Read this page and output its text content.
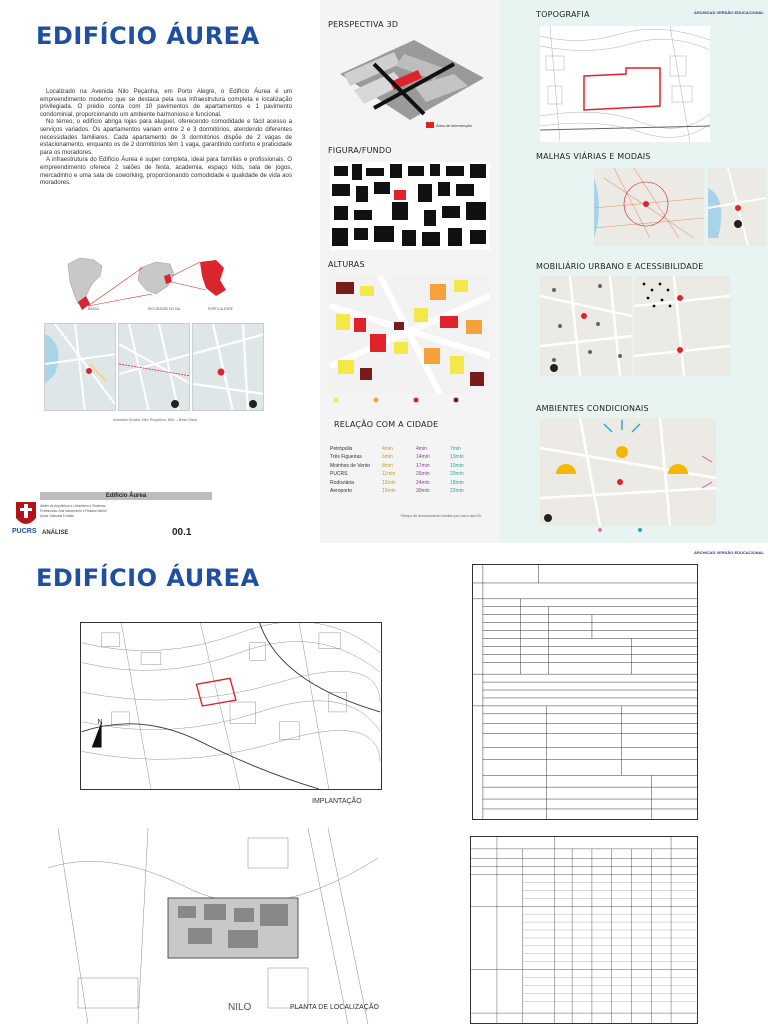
EDIFÍCIO ÁUREA

Localizado na Avenida Nilo Peçanha, em Porto Alegre, o Edifício Áurea é um empreendimento moderno que se destaca pela sua infraestrutura completa e localização privilegiada. O prédio conta com 10 pavimentos de apartamentos e 1 pavimento condominial, proporcionando um ambiente harmonioso e funcional.

No térreo, o edifício abriga lojas para aluguel, oferecendo comodidade e fácil acesso a serviços variados. Os apartamentos variam entre 2 e 3 dormitórios, atendendo diferentes necessidades familiares. Cada apartamento de 3 dormitórios dispõe de 2 vagas de estacionamento, enquanto os de 2 dormitórios têm 1 vaga, garantindo conforto e praticidade para os moradores.

A infraestrutura do Edifício Áurea é super completa, ideal para famílias e profissionais. O empreendimento oferece 2 salões de festa, academia, espaço kids, sala de jogos, mercadinho e uma sala de coworking, proporcionando comodidade e qualidade de vida aos moradores.

BRASIL	RIO GRANDE DO SUL	PORTO ALEGRE
Avenida Doutor Nilo Peçanha, 690 – Bela Vista
PUCRS
Edifício Áurea
Atelier de Arquitetura e Urbanismo e Sistemas
Professoras: Ana Nascimento e Rosana Sartori
Aluna: Manuela Furtado
ANÁLISE	00.1
PERSPECTIVA 3D
Área de intervenção
FIGURA/FUNDO
ALTURAS
RELAÇÃO COM A CIDADE
Petrópolis	4min	4min	7min
Três Figueiras	6min	14min	13min
Moinhos de Vento 8min	17min	10min
PUCRS	11min	26min	20min
Rodoviária	12min	24min	18min
Aeroporto	10min	30min	22min
*Tempo de deslocamento medido por carro das FA.
ARCHICAD VERSÃO EDUCACIONAL
TOPOGRAFIA
MALHAS VIÁRIAS E MODAIS
MOBILIÁRIO URBANO E ACESSIBILIDADE
AMBIENTES CONDICIONAIS
EDIFÍCIO ÁUREA
ARCHICAD VERSÃO EDUCACIONAL
N
IMPLANTAÇÃO
NILO	PLANTA DE LOCALIZAÇÃO
